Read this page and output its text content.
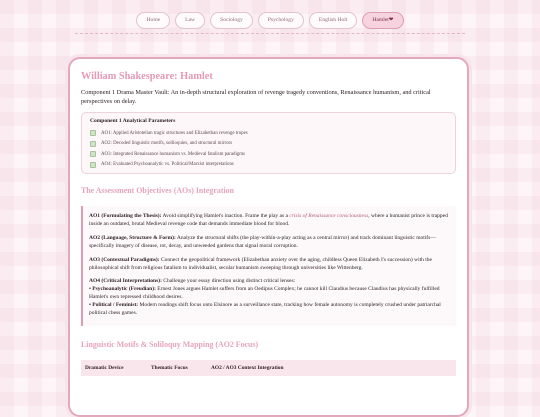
Home	Law	Sociology	Psychology	English Holt	Hamlet❤
William Shakespeare: Hamlet

Component 1 Drama Master Vault: An in-depth structural exploration of revenge tragedy conventions, Renaissance humanism, and critical perspectives on delay.

Component 1 Analytical Parameters
AO1: Applied Aristotelian tragic structures and Elizabethan revenge tropes
AO2: Decoded linguistic motifs, soliloquies, and structural mirrors
AO3: Integrated Renaissance humanism vs. Medieval fatalism paradigms
AO4: Evaluated Psychoanalytic vs. Political/Marxist interpretations
The Assessment Objectives (AOs) Integration

AO1 (Formulating the Thesis): Avoid simplifying Hamlet's inaction. Frame the play as a crisis of Renaissance consciousness, where a humanist prince is trapped inside an outdated, brutal Medieval revenge code that demands immediate blood for blood.

AO2 (Language, Structure & Form): Analyze the structural shifts (the play-within-a-play acting as a central mirror) and track dominant linguistic motifs—specifically imagery of disease, rot, decay, and unweeded gardens that signal moral corruption.

AO3 (Contextual Paradigms): Connect the geopolitical framework (Elizabethan anxiety over the aging, childless Queen Elizabeth I's succession) with the philosophical shift from religious fatalism to individualist, secular humanism sweeping through universities like Wittenberg.

AO4 (Critical Interpretations): Challenge your essay direction using distinct critical lenses:
• Psychoanalytic (Freudian): Ernest Jones argues Hamlet suffers from an Oedipus Complex; he cannot kill Claudius because Claudius has physically fulfilled Hamlet's own repressed childhood desires.
• Political / Feminist: Modern readings shift focus onto Elsinore as a surveillance state, tracking how female autonomy is completely crushed under patriarchal political chess games.

Linguistic Motifs & Soliloquy Mapping (AO2 Focus)
Dramatic Device	Thematic Focus	AO2 / AO3 Context Integration
